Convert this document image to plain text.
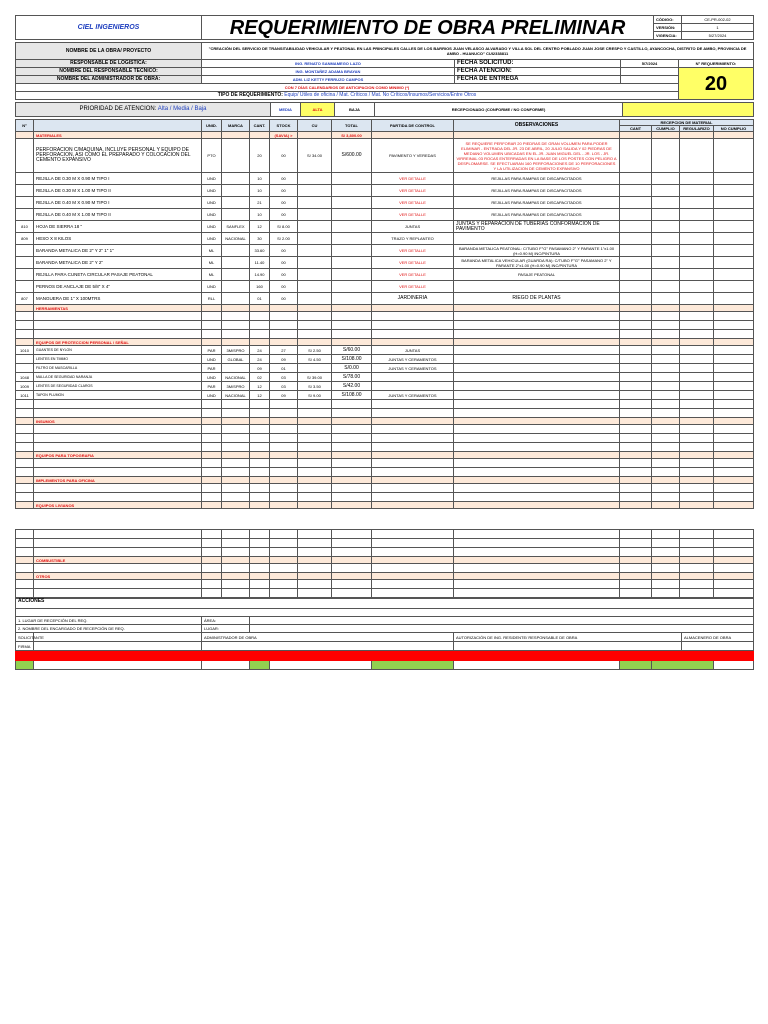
CIEL INGENIEROS	REQUERIMIENTO DE OBRA PRELIMINAR	CÓDIGO:	CE-PR-002-02
		VERSIÓN:	1
		VIGENCIA:	5/27/2024
NOMBRE DE LA OBRA/ PROYECTO	"CREACIÓN DEL SERVICIO DE TRANSITABILIDAD VEHICULAR Y PEATONAL EN LAS PRINCIPALES CALLES DE LOS BARRIOS JUAN VELASCO ALVARADO Y VILLA SOL DEL CENTRO POBLADO JUAN JOSE CRESPO Y CASTILLO, AYANCOCHA, DISTRITO DE AMBO, PROVINCIA DE AMBO - HUANUCO" CUI2338811			
RESPONSABLE DE LOGISTICA:	ING. RENATO SANMAMEGO LAZO	FECHA SOLICITUD:	5/7/2024	N° REQUERIMIENTO:
NOMBRE DEL RESPONSABLE TECNICO:	ING. MONTAÑEZ ADAMA BRAYAN	FECHA ATENCION:		20
NOMBRE DEL ADMINISTRADOR DE OBRA:	ADM. LIZ KETTY FERRUZO CAMPOS	FECHA DE ENTREGA		
CON 7 DÍAS CALENDARIOS DE ANTICIPACION COMO MINIMO (*)				
TIPO DE REQUERIMIENTO: Equip/ Útiles de oficina / Mat. Críticos / Mat. No Críticos/Insumos/Servicios/Entre Otros				
PRIORIDAD DE ATENCION: Alta / Media / Baja	MEDIA	ALTA	BAJA	RECEPCIONADO (CONFORME / NO CONFORME)	
N°		UNID.	MARCA	CANT.	STOCK	CU	TOTAL	PARTIDA DE CONTROL	OBSERVACIONES	RECEPCION DE MATERIAL			
										CANT	CUMPLIO	REGULARIZO	NO CUMPLIO
	MATERIALES				(SAVIA) >		S/ 3,800.00						
	PERFORACION C/MAQUINA, INCLUYE PERSONAL Y EQUIPO DE PERFORACION, ASI COMO EL PREPARADO Y COLOCACION DEL CEMENTO EXPANSIVO	PTO		20	00	S/ 34.00	S/600.00	PAVIMENTO Y VEREDAS	SE REQUIERE PERFORAR 20 PIEDRAS DE GRAN VOLUMEN PARA PODER ELIMINAR - ENTRADA DEL JR. 23 DE ABRIL, 20 JULIO SALIDA Y 02 PIEDRAS DE MEDIANO VOLUMEN UBICADAS EN EL JR. JUAN MIGUEL DEL - JR. LOS - JR. VIRREINAL 03 ROCAS ENTERRADAS EN LA BASE DE LOS POSTES CON PELIGRO A DESPLOMARSE. SE EFECTUARAN 160 PERFORACIONES DE 10 PERFORACIONES Y LA UTILIZACION DE CEMENTO EXPANSIVO				
	REJILLA DE 0.30 M X 0.90 M TIPO I	UND		10	00			VER DETALLE	REJILLAS PARA RAMPAS DE DISCAPACITADOS				
	REJILLA DE 0.30 M X 1.00 M TIPO II	UND		10	00			VER DETALLE	REJILLAS PARA RAMPAS DE DISCAPACITADOS				
	REJILLA DE 0.40 M X 0.90 M TIPO I	UND		21	00			VER DETALLE	REJILLAS PARA RAMPAS DE DISCAPACITADOS				
	REJILLA DE 0.40 M X 1.00 M TIPO II	UND		10	00			VER DETALLE	REJILLAS PARA RAMPAS DE DISCAPACITADOS				
810	HOJA DE SIERRA 18 "	UND	SANFLEX	12	S/ 8.00			JUNTAS	JUNTAS Y REPARACION DE TUBERIAS CONFORMACION DE PAVIMENTO				
809	HESO X 8 KILOS	UND	NACIONAL	30	S/ 2.00			TRAZO Y REPLANTEO					
	BARANDA METALICA DE 2" Y 2" 1" 1"	ML		33.60	00			VER DETALLE	BARANDA METALICA PEATONAL: C/TUBO F°G° PASAMANO 2" Y PARANTE 1"x1.00 (H=0.90 M) INC/PINTURA				
	BARANDA METALICA DE 2" Y 2"	ML		11.40	00			VER DETALLE	BARANDA METALICA VEHICULAR (GUARDA RA): C/TUBO F°G° PASAMANO 2" Y PARANTE 2"x1.00 (H=0.90 M) INC/PINTURA				
	REJILLA PARA CUNETA CIRCULAR PASAJE PEATONAL	ML		14.90	00			VER DETALLE	PASAJE PEATONAL				
	PERNOS DE ANCLAJE DE 5/8" X 4"	UND		160	00			VER DETALLE					
807	MANGUERA DE 1" X 100MTRS	RLL		01	00			JARDINERIA	RIEGO DE PLANTAS				
	HERRAMIENTAS												

	EQUIPOS DE PROTECCION PERSONAL / SEÑAL												
1010	GUANTES DE NYLON	PAR	3M/SPRO	24	27	S/ 2.50	S/60.00	JUNTAS					
	LENTES EN TIMMO	UND	GLOBAL	24	09	S/ 4.50	S/108.00	JUNTAS Y CERAMENTOS					
	FILTRO DE MASCARILLA	PAR		09	01		S/0.00	JUNTAS Y CERAMENTOS					
1048	MALLA DE SEGURIDAD NARANJA	UND	NACIONAL	02	03	S/ 39.00	S/78.00						
1009	LENTES DE SEGURIDAD CLAROS	PAR	3M/SPRO	12	03	S/ 3.50	S/42.00						
1011	TAPON PLUMON	UND	NACIONAL	12	09	S/ 9.00	S/108.00	JUNTAS Y CERAMENTOS					

	INSUMOS												

	EQUIPOS PARA TOPOGRAFIA												

	IMPLEMENTOS PARA OFICINA												

	EQUIPOS LIVIANOS												

	COMBUSTIBLE												

	OTROS												

ACCIONES					

1. LUGAR DE RECEPCIÓN DEL REQ.		ÁREA:			
2. NOMBRE DEL ENCARGADO DE RECEPCIÓN DE REQ.		LUGAR:			
SOLICITANTE		ADMINISTRADOR DE OBRA		AUTORIZACIÓN DE ING. RESIDENTE/ RESPONSABLE DE OBRA	ALMACENERO DE OBRA
FIRMA					
